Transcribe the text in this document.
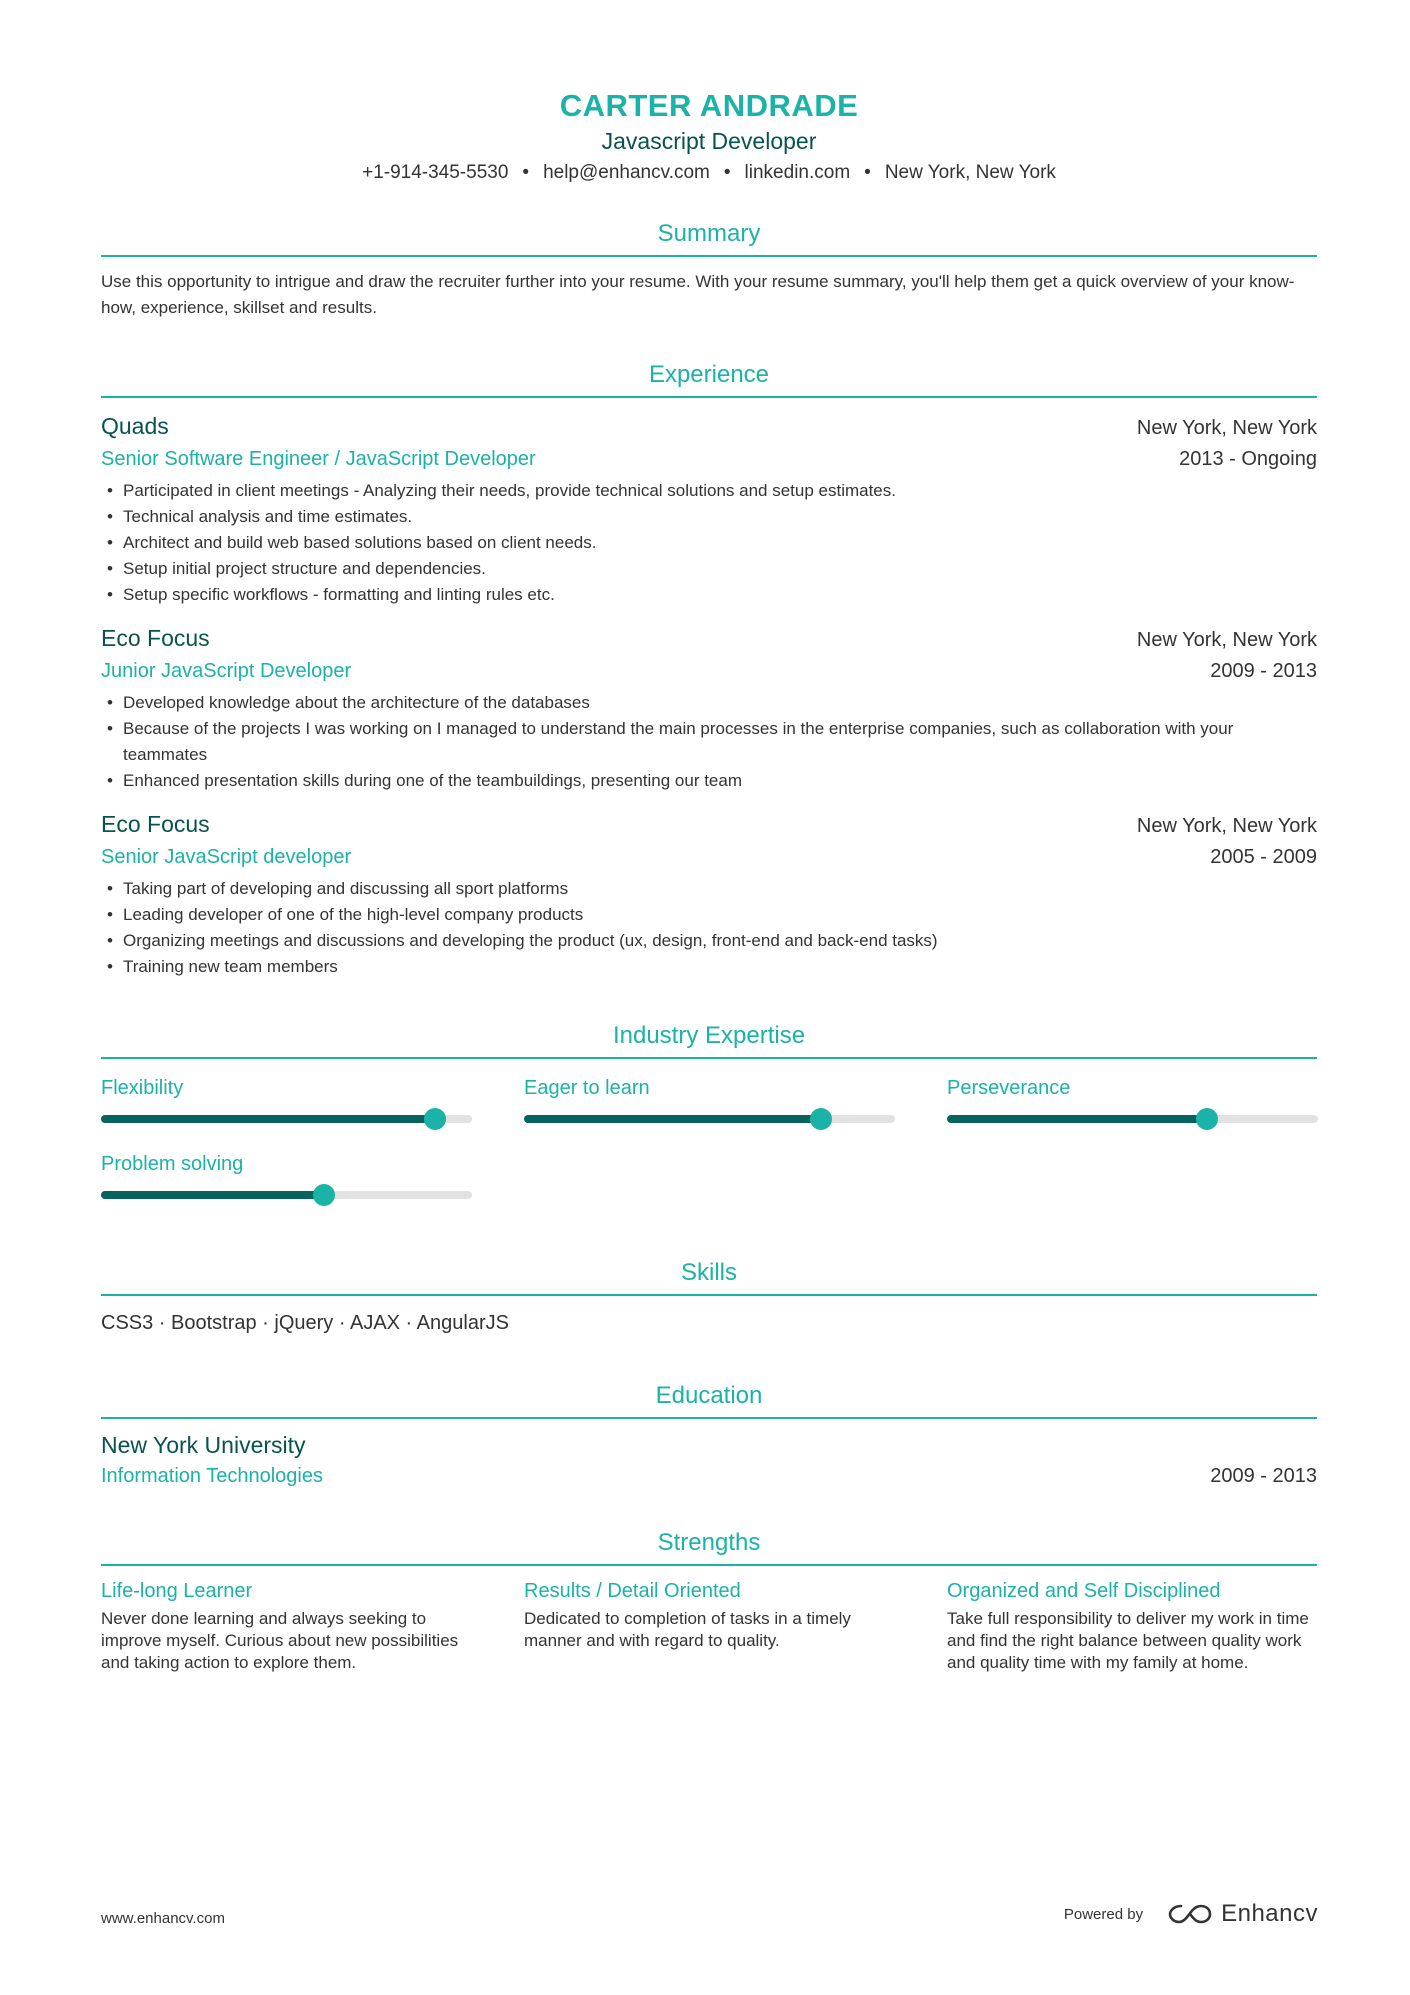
CARTER ANDRADE
Javascript Developer
+1-914-345-5530 • help@enhancv.com • linkedin.com • New York, New York
Summary
Use this opportunity to intrigue and draw the recruiter further into your resume. With your resume summary, you'll help them get a quick overview of your know-how, experience, skillset and results.
Experience
Quads	New York, New York
Senior Software Engineer / JavaScript Developer	2013 - Ongoing
• Participated in client meetings - Analyzing their needs, provide technical solutions and setup estimates.
• Technical analysis and time estimates.
• Architect and build web based solutions based on client needs.
• Setup initial project structure and dependencies.
• Setup specific workflows - formatting and linting rules etc.
Eco Focus	New York, New York
Junior JavaScript Developer	2009 - 2013
• Developed knowledge about the architecture of the databases
• Because of the projects I was working on I managed to understand the main processes in the enterprise companies, such as collaboration with your teammates
• Enhanced presentation skills during one of the teambuildings, presenting our team
Eco Focus	New York, New York
Senior JavaScript developer	2005 - 2009
• Taking part of developing and discussing all sport platforms
• Leading developer of one of the high-level company products
• Organizing meetings and discussions and developing the product (ux, design, front-end and back-end tasks)
• Training new team members
Industry Expertise
Flexibility	Eager to learn	Perseverance
Problem solving
Skills
CSS3 · Bootstrap · jQuery · AJAX · AngularJS
Education
New York University
Information Technologies	2009 - 2013
Strengths
Life-long Learner
Never done learning and always seeking to improve myself. Curious about new possibilities and taking action to explore them.
Results / Detail Oriented
Dedicated to completion of tasks in a timely manner and with regard to quality.
Organized and Self Disciplined
Take full responsibility to deliver my work in time and find the right balance between quality work and quality time with my family at home.
www.enhancv.com	Powered by	Enhancv
